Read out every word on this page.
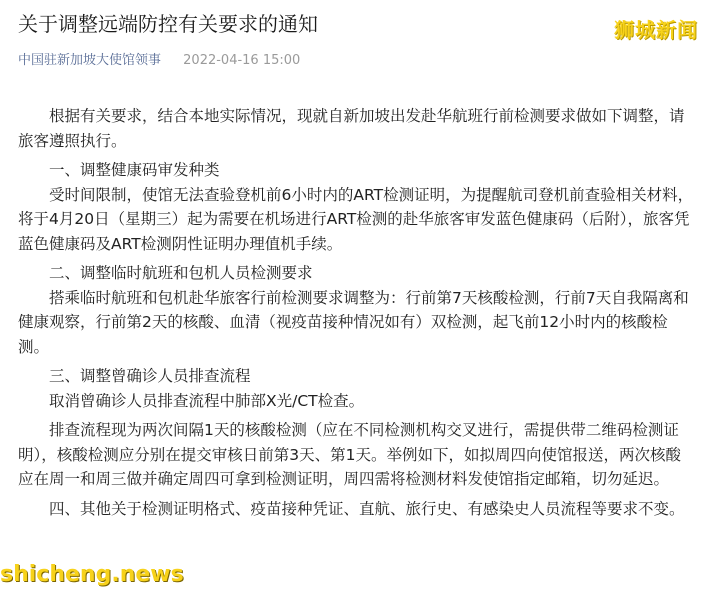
关于调整远端防控有关要求的通知	狮城新闻
中国驻新加坡大使馆领事 2022-04-16 15:00

根据有关要求，结合本地实际情况，现就自新加坡出发赴华航班行前检测要求做如下调整，请旅客遵照执行。

一、调整健康码审发种类

受时间限制，使馆无法查验登机前6小时内的ART检测证明，为提醒航司登机前查验相关材料，将于4月20日（星期三）起为需要在机场进行ART检测的赴华旅客审发蓝色健康码（后附），旅客凭蓝色健康码及ART检测阴性证明办理值机手续。

二、调整临时航班和包机人员检测要求

搭乘临时航班和包机赴华旅客行前检测要求调整为：行前第7天核酸检测，行前7天自我隔离和健康观察，行前第2天的核酸、血清（视疫苗接种情况如有）双检测，起飞前12小时内的核酸检测。

三、调整曾确诊人员排查流程

取消曾确诊人员排查流程中肺部X光/CT检查。

排查流程现为两次间隔1天的核酸检测（应在不同检测机构交叉进行，需提供带二维码检测证明），核酸检测应分别在提交审核日前第3天、第1天。举例如下，如拟周四向使馆报送，两次核酸应在周一和周三做并确定周四可拿到检测证明，周四需将检测材料发使馆指定邮箱，切勿延迟。

四、其他关于检测证明格式、疫苗接种凭证、直航、旅行史、有感染史人员流程等要求不变。

shicheng.news
